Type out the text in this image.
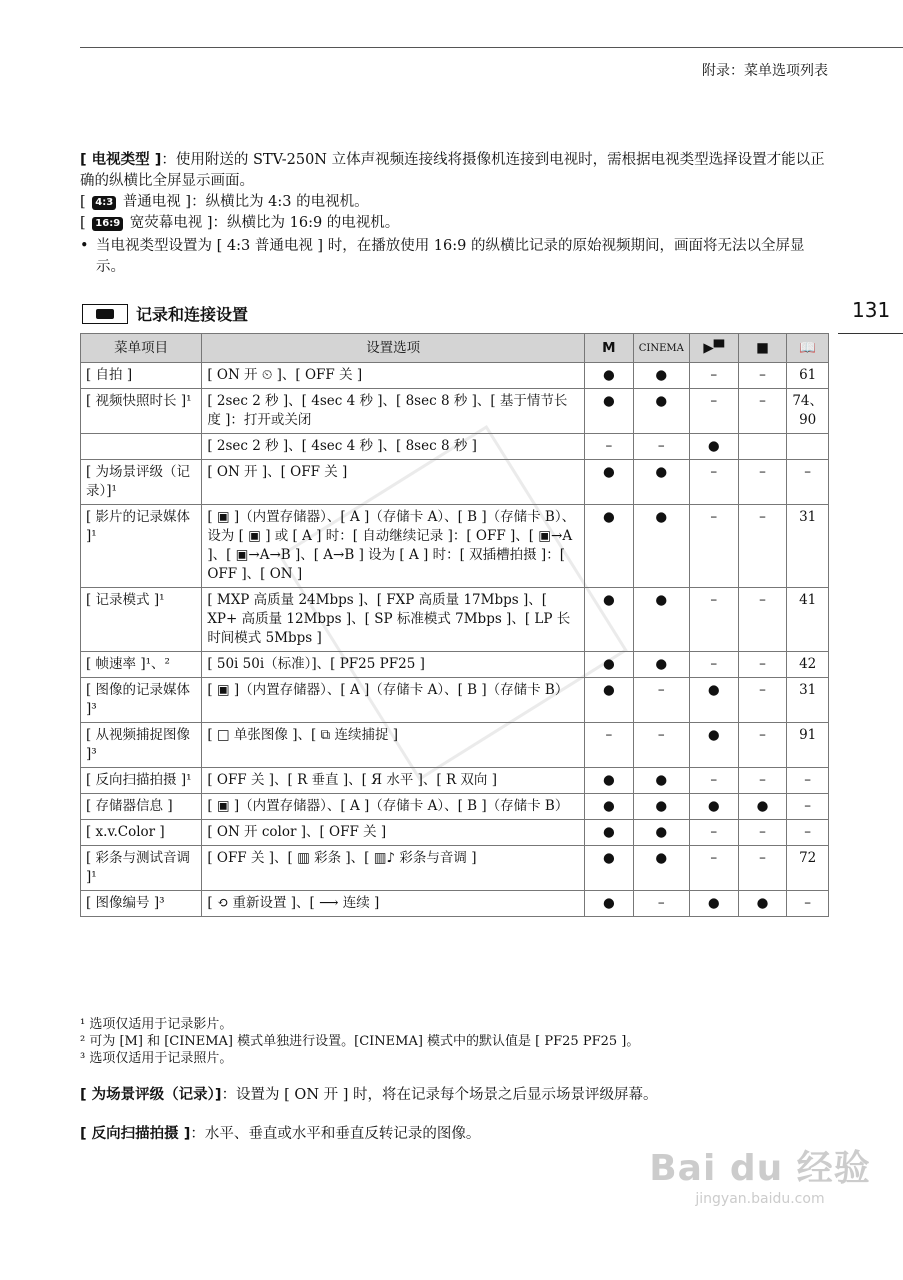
附录：菜单选项列表
131

[ 电视类型 ]：使用附送的 STV-250N 立体声视频连接线将摄像机连接到电视时，需根据电视类型选择设置才能以正确的纵横比全屏显示画面。

[ 4:3 普通电视 ]：纵横比为 4:3 的电视机。

[ 16:9 宽荧幕电视 ]：纵横比为 16:9 的电视机。

• 当电视类型设置为 [ 4:3 普通电视 ] 时，在播放使用 16:9 的纵横比记录的原始视频期间，画面将无法以全屏显示。
记录和连接设置
菜单项目	设置选项	M	CINEMA	▶▀	■	📖
[ 自拍 ]	[ ON 开 ⏲ ]、[ OFF 关 ]	●	●	–	–	61
[ 视频快照时长 ]¹	[ 2sec 2 秒 ]、[ 4sec 4 秒 ]、[ 8sec 8 秒 ]、[ 基于情节长度 ]：打开或关闭	●	●	–	–	74、90
	[ 2sec 2 秒 ]、[ 4sec 4 秒 ]、[ 8sec 8 秒 ]	–	–	●		
[ 为场景评级（记录）]¹	[ ON 开 ]、[ OFF 关 ]	●	●	–	–	–
[ 影片的记录媒体 ]¹	[ ▣ ]（内置存储器）、[ A ]（存储卡 A）、[ B ]（存储卡 B）、设为 [ ▣ ] 或 [ A ] 时：[ 自动继续记录 ]：[ OFF ]、[ ▣→A ]、[ ▣→A→B ]、[ A→B ] 设为 [ A ] 时：[ 双插槽拍摄 ]：[ OFF ]、[ ON ]	●	●	–	–	31
[ 记录模式 ]¹	[ MXP 高质量 24Mbps ]、[ FXP 高质量 17Mbps ]、[ XP+ 高质量 12Mbps ]、[ SP 标准模式 7Mbps ]、[ LP 长时间模式 5Mbps ]	●	●	–	–	41
[ 帧速率 ]¹、²	[ 50i 50i（标准）]、[ PF25 PF25 ]	●	●	–	–	42
[ 图像的记录媒体 ]³	[ ▣ ]（内置存储器）、[ A ]（存储卡 A）、[ B ]（存储卡 B）	●	–	●	–	31
[ 从视频捕捉图像 ]³	[ □ 单张图像 ]、[ ⧉ 连续捕捉 ]	–	–	●	–	91
[ 反向扫描拍摄 ]¹	[ OFF 关 ]、[ R 垂直 ]、[ Я 水平 ]、[ R 双向 ]	●	●	–	–	–
[ 存储器信息 ]	[ ▣ ]（内置存储器）、[ A ]（存储卡 A）、[ B ]（存储卡 B）	●	●	●	●	–
[ x.v.Color ]	[ ON 开 color ]、[ OFF 关 ]	●	●	–	–	–
[ 彩条与测试音调 ]¹	[ OFF 关 ]、[ ▥ 彩条 ]、[ ▥♪ 彩条与音调 ]	●	●	–	–	72
[ 图像编号 ]³	[ ⟲ 重新设置 ]、[ ⟶ 连续 ]	●	–	●	●	–
¹ 选项仅适用于记录影片。
² 可为 [M] 和 [CINEMA] 模式单独进行设置。[CINEMA] 模式中的默认值是 [ PF25 PF25 ]。
³ 选项仅适用于记录照片。
[ 为场景评级（记录）]：设置为 [ ON 开 ] 时，将在记录每个场景之后显示场景评级屏幕。
[ 反向扫描拍摄 ]：水平、垂直或水平和垂直反转记录的图像。
Bai du 经验
jingyan.baidu.com
